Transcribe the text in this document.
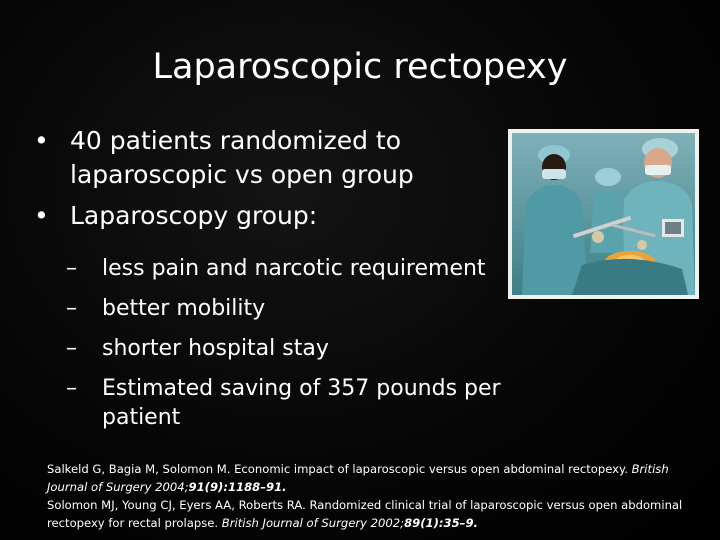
Laparoscopic rectopexy
• 40 patients randomized to laparoscopic vs open group
• Laparoscopy group:
– less pain and narcotic requirement
– better mobility
– shorter hospital stay
– Estimated saving of 357 pounds per patient
Salkeld G, Bagia M, Solomon M. Economic impact of laparoscopic versus open abdominal rectopexy. British Journal of Surgery 2004;91(9):1188–91.
Solomon MJ, Young CJ, Eyers AA, Roberts RA. Randomized clinical trial of laparoscopic versus open abdominal rectopexy for rectal prolapse. British Journal of Surgery 2002;89(1):35–9.
